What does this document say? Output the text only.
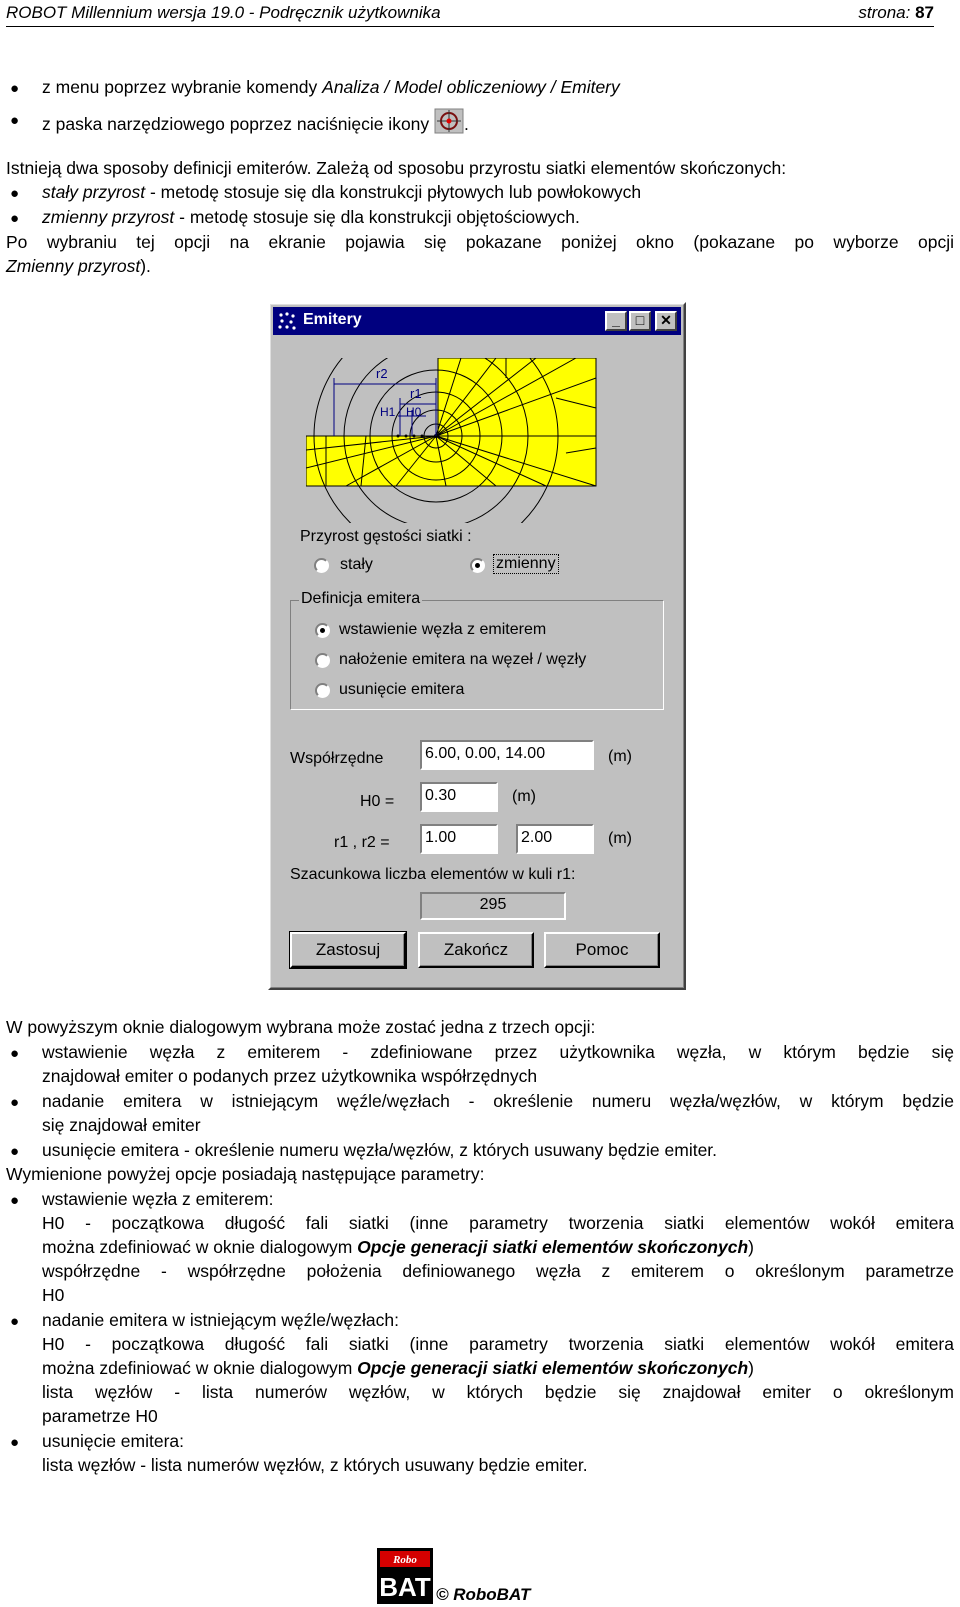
ROBOT Millennium wersja 19.0 - Podręcznik użytkownika	strona: 87
● z menu poprzez wybranie komendy Analiza / Model obliczeniowy / Emitery
● z paska narzędziowego poprzez naciśnięcie ikony .
Istnieją dwa sposoby definicji emiterów. Zależą od sposobu przyrostu siatki elementów skończonych:
● stały przyrost - metodę stosuje się dla konstrukcji płytowych lub powłokowych
● zmienny przyrost - metodę stosuje się dla konstrukcji objętościowych.
Po wybraniu tej opcji na ekranie pojawia się pokazane poniżej okno (pokazane po wyborze opcji
Zmienny przyrost).
Emitery	_	□	✕
r2
r1
H1 H0
Przyrost gęstości siatki :
stały	zmienny
Definicja emitera
wstawienie węzła z emiterem
nałożenie emitera na węzeł / węzły
usunięcie emitera
Współrzędne	6.00, 0.00, 14.00	(m)
H0 =	0.30	(m)
r1 , r2 =	1.00	2.00	(m)
Szacunkowa liczba elementów w kuli r1:
295
Zastosuj	Zakończ	Pomoc
W powyższym oknie dialogowym wybrana może zostać jedna z trzech opcji:
● wstawienie węzła z emiterem - zdefiniowane przez użytkownika węzła, w którym będzie się
znajdował emiter o podanych przez użytkownika współrzędnych
● nadanie emitera w istniejącym węźle/węzłach - określenie numeru węzła/węzłów, w którym będzie
się znajdował emiter
● usunięcie emitera - określenie numeru węzła/węzłów, z których usuwany będzie emiter.
Wymienione powyżej opcje posiadają następujące parametry:
● wstawienie węzła z emiterem:
H0 - początkowa długość fali siatki (inne parametry tworzenia siatki elementów wokół emitera
można zdefiniować w oknie dialogowym Opcje generacji siatki elementów skończonych)
współrzędne - współrzędne położenia definiowanego węzła z emiterem o określonym parametrze
H0
● nadanie emitera w istniejącym węźle/węzłach:
H0 - początkowa długość fali siatki (inne parametry tworzenia siatki elementów wokół emitera
można zdefiniować w oknie dialogowym Opcje generacji siatki elementów skończonych)
lista węzłów - lista numerów węzłów, w których będzie się znajdował emiter o określonym
parametrze H0
● usunięcie emitera:
lista węzłów - lista numerów węzłów, z których usuwany będzie emiter.
Robo
BAT © RoboBAT
